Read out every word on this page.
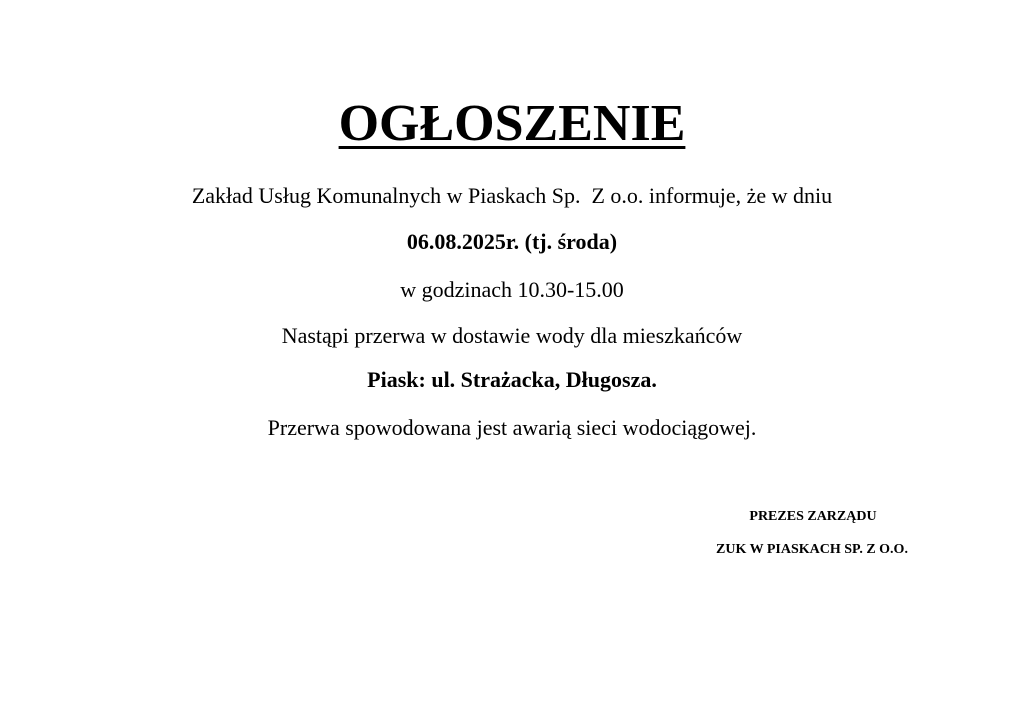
OGŁOSZENIE
Zakład Usług Komunalnych w Piaskach Sp.  Z o.o. informuje, że w dniu
06.08.2025r. (tj. środa)
w godzinach 10.30-15.00
Nastąpi przerwa w dostawie wody dla mieszkańców
Piask: ul. Strażacka, Długosza.
Przerwa spowodowana jest awarią sieci wodociągowej.
PREZES ZARZĄDU
ZUK W PIASKACH SP. Z O.O.
